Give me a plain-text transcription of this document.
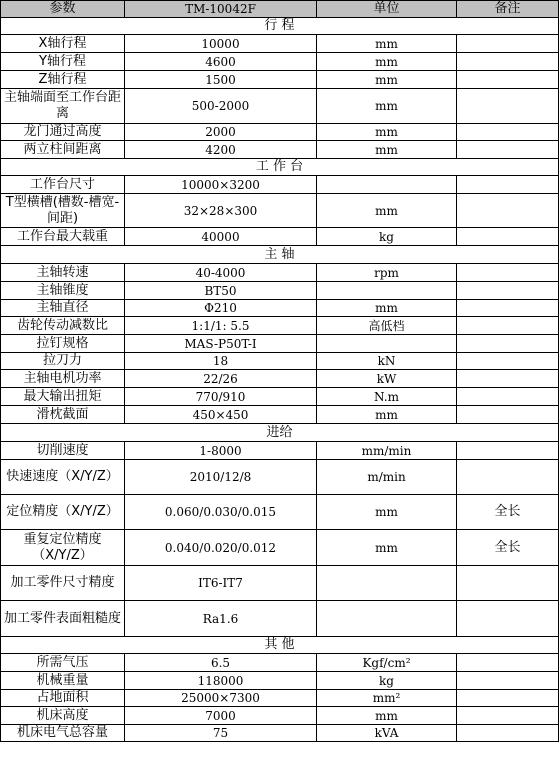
参数	TM-10042F	单位	备注
行 程			
X轴行程	10000	mm	
Y轴行程	4600	mm	
Z轴行程	1500	mm	
主轴端面至工作台距离	500-2000	mm	
龙门通过高度	2000	mm	
两立柱间距离	4200	mm	
工 作 台			
工作台尺寸	10000×3200		
T型横槽(槽数-槽宽-间距)	32×28×300	mm	
工作台最大载重	40000	kg	
主 轴			
主轴转速	40-4000	rpm	
主轴锥度	BT50		
主轴直径	Φ210	mm	
齿轮传动减数比	1:1/1: 5.5	高低档	
拉钉规格	MAS-P50T-I		
拉刀力	18	kN	
主轴电机功率	22/26	kW	
最大输出扭矩	770/910	N.m	
滑枕截面	450×450	mm	
进给			
切削速度	1-8000	mm/min	
快速速度（X/Y/Z）	2010/12/8	m/min	
定位精度（X/Y/Z）	0.060/0.030/0.015	mm	全长
重复定位精度（X/Y/Z）	0.040/0.020/0.012	mm	全长
加工零件尺寸精度	IT6-IT7		
加工零件表面粗糙度	Ra1.6		
其 他			
所需气压	6.5	Kgf/cm²	
机械重量	118000	kg	
占地面积	25000×7300	mm²	
机床高度	7000	mm	
机床电气总容量	75	kVA	
